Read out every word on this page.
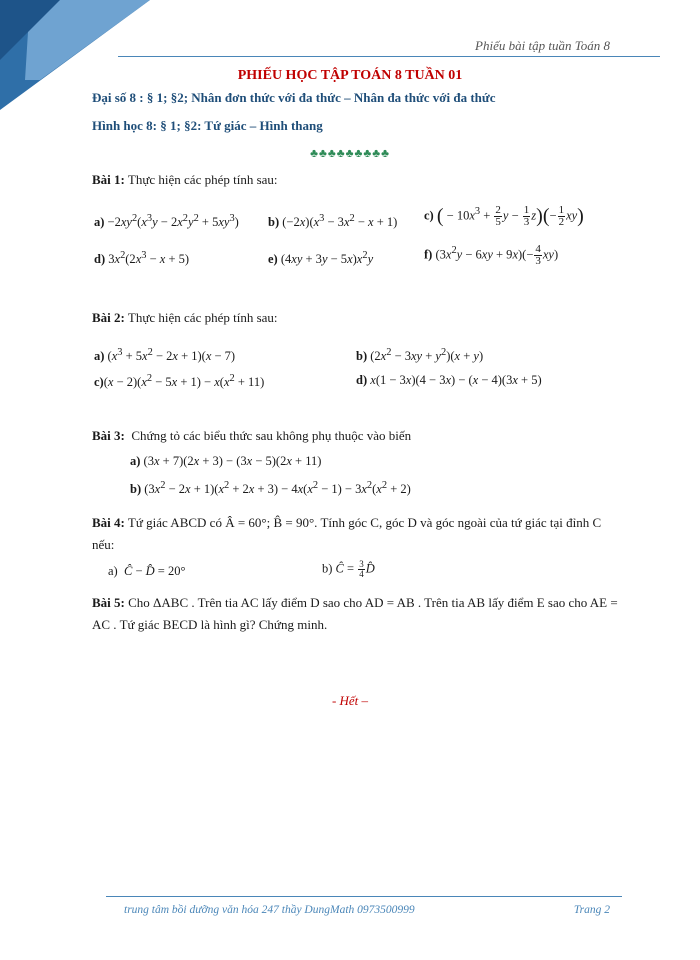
Phiếu bài tập tuần Toán 8
PHIẾU HỌC TẬP TOÁN 8 TUẦN 01
Đại số 8 : § 1; §2; Nhân đơn thức với đa thức – Nhân đa thức với đa thức
Hình học 8: § 1; §2: Tứ giác – Hình thang
♣♣♣♣♣♣♣♣♣
Bài 1: Thực hiện các phép tính sau:
$a) -2xy^2(x^3y - 2x^2y^2 + 5xy^3)$ b) $(-2x)(x^3 - 3x^2 - x + 1)$ c) ( − $10x^3 + \frac{2}{5}$ $y - \frac{1}{3} z)(- \frac{1}{2} xy)$
d) $3x^2(2x^3 - x + 5)$	e) $(4xy + 3y - 5x)x^2y$	f) $(3x^2y - 6xy + 9x)(- \frac{4}{3} xy)$
Bài 2: Thực hiện các phép tính sau:
a) $(x^3 + 5x^2 - 2x + 1)(x - 7)$	b) $(2x^2 - 3xy + y^2)(x + y)$
$c)(x - 2)(x^2 - 5x + 1) - x(x^2 + 11)$	d) x(1 − 3x)(4 − 3x) − (x − 4)(3x + 5)
Bài 3: Chứng tỏ các biểu thức sau không phụ thuộc vào biến
a) (3x + 7)(2x + 3) − (3x − 5)(2x + 11)
b) $(3x^2 - 2x + 1)(x^2 + 2x + 3) - 4x(x^2 - 1) - 3x^2(x^2 + 2)$
Bài 4: Tứ giác ABCD có Â = 60°; B̂ = 90°. Tính góc C, góc D và góc ngoài của tứ giác tại đỉnh C nếu:
a) Ĉ − D̂ = 20°	b) Ĉ = $\frac{3}{4}$ D̂
Bài 5: Cho ΔABC . Trên tia AC lấy điểm D sao cho AD = AB . Trên tia AB lấy điểm E sao cho AE = AC . Tứ giác BECD là hình gì? Chứng minh.
- Hết –
trung tâm bồi dưỡng văn hóa 247 thầy DungMath 0973500999	Trang 2
